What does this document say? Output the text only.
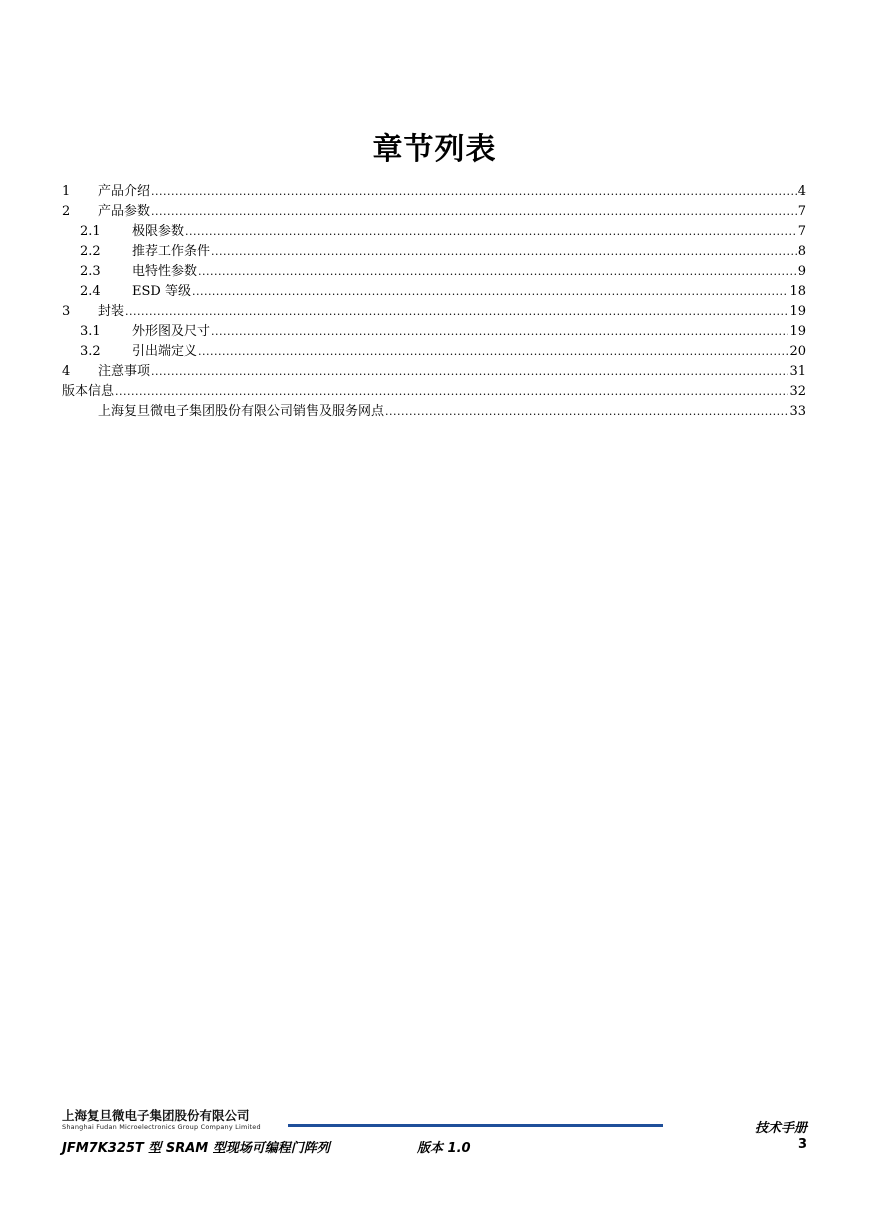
章节列表
1	产品介绍 .....	4
2	产品参数 .....	7
2.1	极限参数 .....	7
2.2	推荐工作条件 .....	8
2.3	电特性参数 .....	9
2.4	ESD 等级 .....	18
3	封装 .....	19
3.1	外形图及尺寸 .....	19
3.2	引出端定义 .....	20
4	注意事项 .....	31
版本信息 .....	32
上海复旦微电子集团股份有限公司销售及服务网点 .....	33
上海复旦微电子集团股份有限公司
Shanghai Fudan Microelectronics Group Company Limited	技术手册
JFM7K325T 型 SRAM 型现场可编程门阵列	版本 1.0	3
